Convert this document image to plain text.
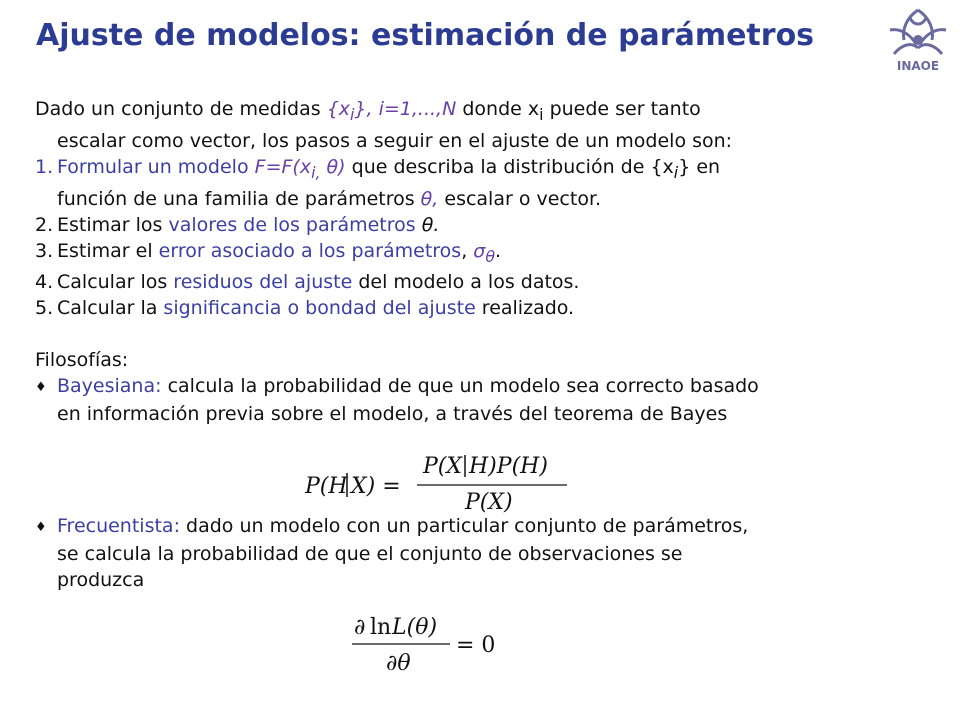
Ajuste de modelos: estimación de parámetros
INAOE
Dado un conjunto de medidas $\{x_i\}$, i=1,...,N donde $x_i$ puede ser tanto
escalar como vector, los pasos a seguir en el ajuste de un modelo son:
1. Formular un modelo $F=F(x_{i,}$ θ) que describa la distribución de $\{x_i\}$ en
función de una familia de parámetros θ, escalar o vector.
2. Estimar los valores de los parámetros θ.
3. Estimar el error asociado a los parámetros, $\sigma_\theta$.
4. Calcular los residuos del ajuste del modelo a los datos.
5. Calcular la significancia o bondad del ajuste realizado.
Filosofías:
♦ Bayesiana: calcula la probabilidad de que un modelo sea correcto basado
en información previa sobre el modelo, a través del teorema de Bayes
♦ Frecuentista: dado un modelo con un particular conjunto de parámetros,
se calcula la probabilidad de que el conjunto de observaciones se
produzca
P(H X) =
P(X H)P(H)
P(X)
∂ ln L(θ)
∂θ
= 0
